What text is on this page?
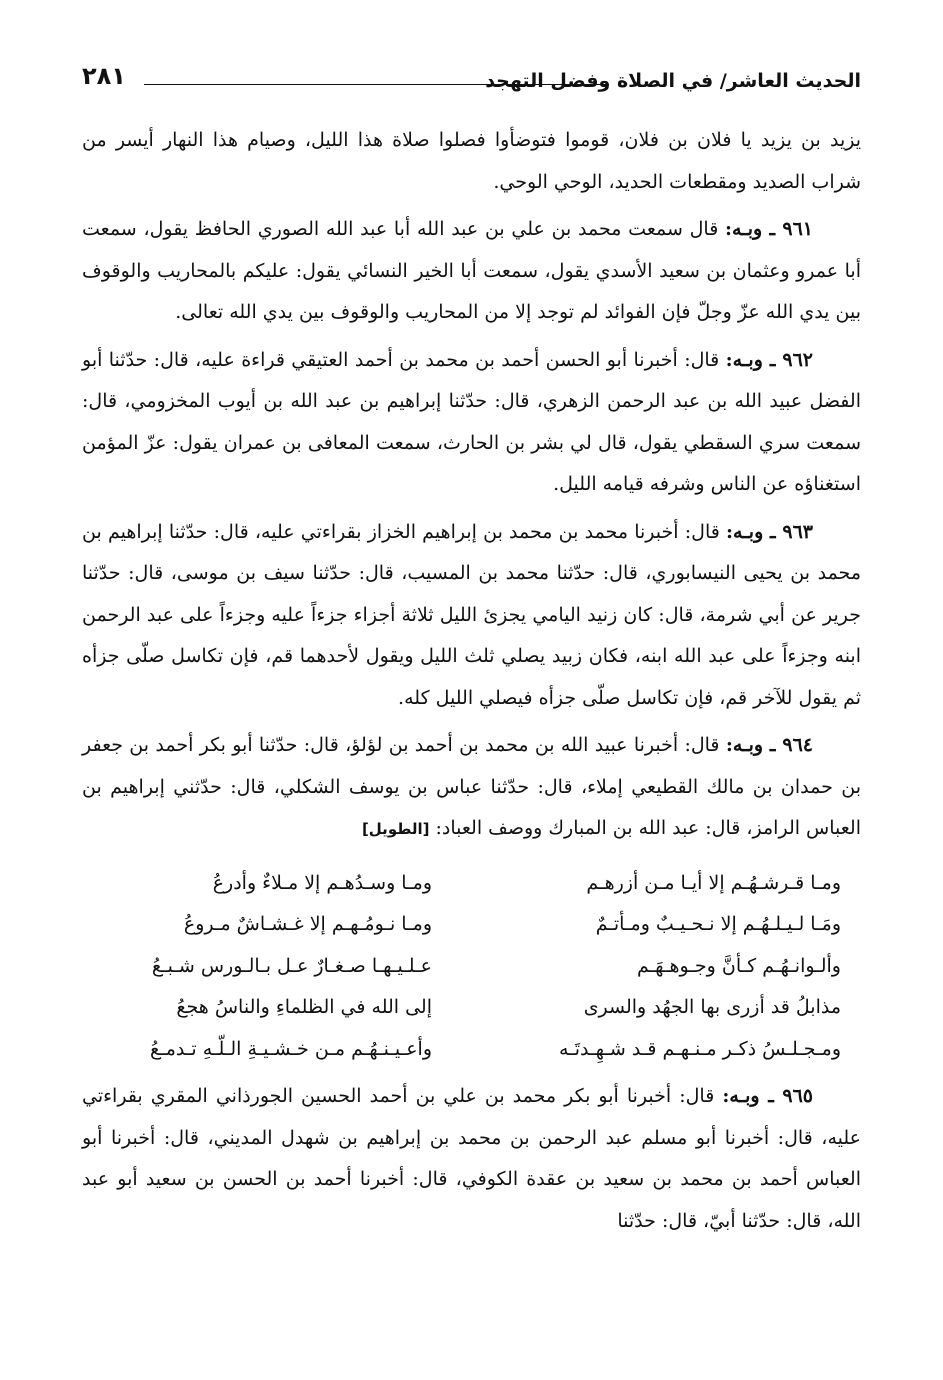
الحديث العاشر/ في الصلاة وفضل التهجد
٢٨١

يزيد بن يزيد يا فلان بن فلان، قوموا فتوضأوا فصلوا صلاة هذا الليل، وصيام هذا النهار أيسر من شراب الصديد ومقطعات الحديد، الوحي الوحي.

٩٦١ ـ وبـه: قال سمعت محمد بن علي بن عبد الله أبا عبد الله الصوري الحافظ يقول، سمعت أبا عمرو وعثمان بن سعيد الأسدي يقول، سمعت أبا الخير النسائي يقول: عليكم بالمحاريب والوقوف بين يدي الله عزّ وجلّ فإن الفوائد لم توجد إلا من المحاريب والوقوف بين يدي الله تعالى.

٩٦٢ ـ وبـه: قال: أخبرنا أبو الحسن أحمد بن محمد بن أحمد العتيقي قراءة عليه، قال: حدّثنا أبو الفضل عبيد الله بن عبد الرحمن الزهري، قال: حدّثنا إبراهيم بن عبد الله بن أيوب المخزومي، قال: سمعت سري السقطي يقول، قال لي بشر بن الحارث، سمعت المعافى بن عمران يقول: عزّ المؤمن استغناؤه عن الناس وشرفه قيامه الليل.

٩٦٣ ـ وبـه: قال: أخبرنا محمد بن محمد بن إبراهيم الخزاز بقراءتي عليه، قال: حدّثنا إبراهيم بن محمد بن يحيى النيسابوري، قال: حدّثنا محمد بن المسيب، قال: حدّثنا سيف بن موسى، قال: حدّثنا جرير عن أبي شرمة، قال: كان زنيد اليامي يجزئ الليل ثلاثة أجزاء جزءاً عليه وجزءاً على عبد الرحمن ابنه وجزءاً على عبد الله ابنه، فكان زبيد يصلي ثلث الليل ويقول لأحدهما قم، فإن تكاسل صلّى جزأه ثم يقول للآخر قم، فإن تكاسل صلّى جزأه فيصلي الليل كله.

٩٦٤ ـ وبـه: قال: أخبرنا عبيد الله بن محمد بن أحمد بن لؤلؤ، قال: حدّثنا أبو بكر أحمد بن جعفر بن حمدان بن مالك القطيعي إملاء، قال: حدّثنا عباس بن يوسف الشكلي، قال: حدّثني إبراهيم بن العباس الرامز، قال: عبد الله بن المبارك ووصف العباد: [الطويل]

ومـا قـرشـهُـم إلا أيـا مـن أزرهـم
ومـا وسـدُهـم إلا مـلاءٌ وأدرعُ
ومَـا لـيـلـهُـم إلا نـحـيـبٌ ومـأتـمٌ
ومـا نـومُـهـم إلا غـشـاشٌ مـروعُ
وألـوانـهُـم كـأنَّ وجـوهـهَـم
عـلـيـهـا صـغـارٌ عـل بـالـورس شـبـعُ
مذابلُ قد أزرى بها الجهُد والسرى
إلى الله في الظلماءِ والناسُ هجعُ
ومـجـلـسُ ذكـر مـنـهـم قـد شـهِـدتَـه
وأعـيـنـهُـم مـن خـشـيـةِ الـلّـهِ تـدمـعُ

٩٦٥ ـ وبـه: قال: أخبرنا أبو بكر محمد بن علي بن أحمد الحسين الجورذاني المقري بقراءتي عليه، قال: أخبرنا أبو مسلم عبد الرحمن بن محمد بن إبراهيم بن شهدل المديني، قال: أخبرنا أبو العباس أحمد بن محمد بن سعيد بن عقدة الكوفي، قال: أخبرنا أحمد بن الحسن بن سعيد أبو عبد الله، قال: حدّثنا أبيّ، قال: حدّثنا
